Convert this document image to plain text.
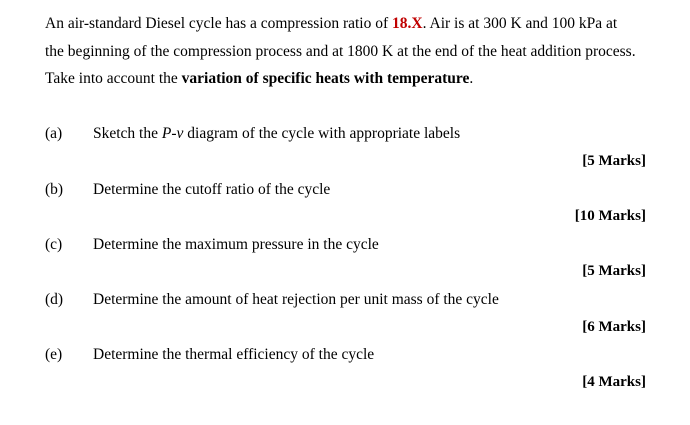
An air-standard Diesel cycle has a compression ratio of 18.X. Air is at 300 K and 100 kPa at
the beginning of the compression process and at 1800 K at the end of the heat addition process.
Take into account the variation of specific heats with temperature.
(a) Sketch the P-v diagram of the cycle with appropriate labels
[5 Marks]
(b) Determine the cutoff ratio of the cycle
[10 Marks]
(c) Determine the maximum pressure in the cycle
[5 Marks]
(d) Determine the amount of heat rejection per unit mass of the cycle
[6 Marks]
(e) Determine the thermal efficiency of the cycle
[4 Marks]
